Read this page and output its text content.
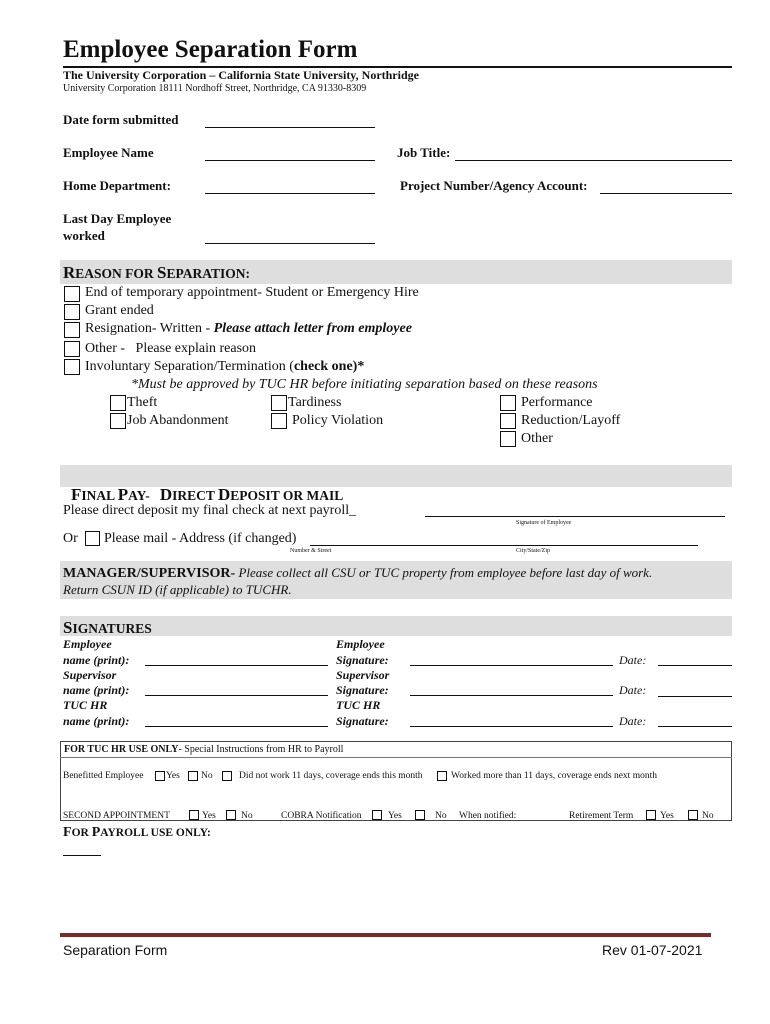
Employee Separation Form
The University Corporation – California State University, Northridge
University Corporation 18111 Nordhoff Street, Northridge, CA 91330-8309
Date form submitted
Employee Name	Job Title:
Home Department:	Project Number/Agency Account:
Last Day Employee
worked
REASON FOR SEPARATION:
End of temporary appointment- Student or Emergency Hire
Grant ended
Resignation- Written - Please attach letter from employee
Other -   Please explain reason
Involuntary Separation/Termination (check one)*
*Must be approved by TUC HR before initiating separation based on these reasons
Theft	Tardiness	Performance
Job Abandonment	Policy Violation	Reduction/Layoff
Other

FINAL PAY-   DIRECT DEPOSIT OR MAIL

Please direct deposit my final check at next payroll_
Signature of Employee
Or Please mail - Address (if changed)
Number & Street	City/State/Zip
MANAGER/SUPERVISOR- Please collect all CSU or TUC property from employee before last day of work.
Return CSUN ID (if applicable) to TUCHR.
SIGNATURES
Employee
name (print):
Employee
Signature:	Date:
Supervisor
name (print):
Supervisor
Signature:	Date:
TUC HR
name (print):
TUC HR
Signature:	Date:
FOR TUC HR USE ONLY- Special Instructions from HR to Payroll
Benefitted Employee Yes No	Did not work 11 days, coverage ends this month	Worked more than 11 days, coverage ends next month
SECOND APPOINTMENT	Yes	No	COBRA Notification	Yes	No When notified:	Retirement Term	Yes	No
FOR PAYROLL USE ONLY:
Separation Form	Rev 01-07-2021
